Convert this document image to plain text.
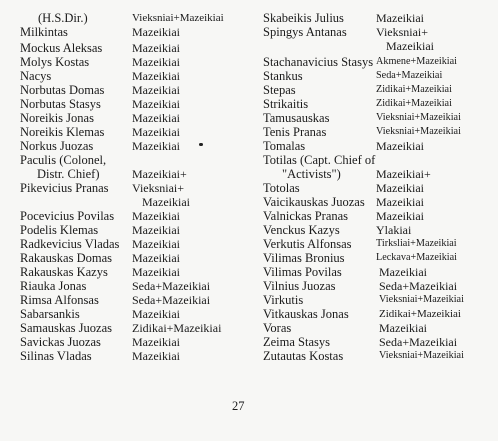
(H.S.Dir.)	Vieksniai+Mazeikiai
Milkintas	Mazeikiai
Mockus Aleksas Mazeikiai
Molys Kostas	Mazeikiai
Nacys	Mazeikiai
Norbutas Domas Mazeikiai
Norbutas Stasys	Mazeikiai
Noreikis Jonas	Mazeikiai
Noreikis Klemas Mazeikiai
Norkus Juozas	Mazeikiai
Paculis (Colonel,
Distr. Chief)	Mazeikiai+
Pikevicius Pranas Vieksniai+
Mazeikiai
Pocevicius Povilas Mazeikiai
Podelis Klemas	Mazeikiai
Radkevicius Vladas Mazeikiai
Rakauskas Domas Mazeikiai
Rakauskas Kazys Mazeikiai
Riauka Jonas	Seda+Mazeikiai
Rimsa Alfonsas	Seda+Mazeikiai
Sabarsankis	Mazeikiai
Samauskas Juozas Zidikai+Mazeikiai
Savickas Juozas	Mazeikiai
Silinas Vladas	Mazeikiai
Skabeikis Julius	Mazeikiai
Spingys Antanas Vieksniai+
Mazeikiai
Stachanavicius Stasys Akmene+Mazeikiai
Stankus	Seda+Mazeikiai
Stepas	Zidikai+Mazeikiai
Strikaitis	Zidikai+Mazeikiai
Tamusauskas	Vieksniai+Mazeikiai
Tenis Pranas	Vieksniai+Mazeikiai
Tomalas	Mazeikiai
Totilas (Capt. Chief of
"Activists")	Mazeikiai+
Totolas	Mazeikiai
Vaicikauskas Juozas Mazeikiai
Valnickas Pranas Mazeikiai
Venckus Kazys	Ylakiai
Verkutis Alfonsas Tirksliai+Mazeikiai
Vilimas Bronius	Leckava+Mazeikiai
Vilimas Povilas	Mazeikiai
Vilnius Juozas	Seda+Mazeikiai
Virkutis	Vieksniai+Mazeikiai
Vitkauskas Jonas	Zidikai+Mazeikiai
Voras	Mazeikiai
Zeima Stasys	Seda+Mazeikiai
Zutautas Kostas	Vieksniai+Mazeikiai
27
